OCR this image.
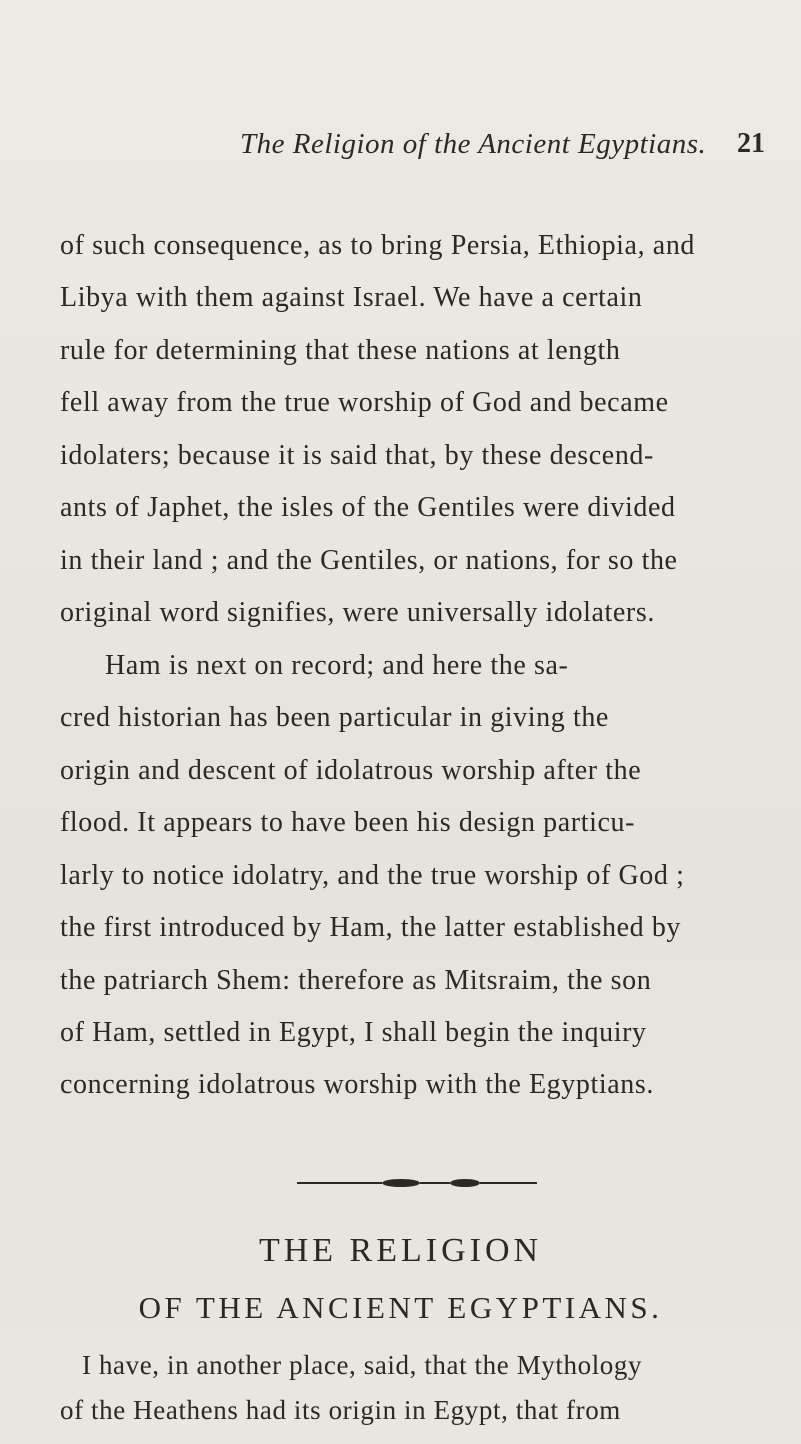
The Religion of the Ancient Egyptians. 21
of such consequence, as to bring Persia, Ethiopia, and
Libya with them against Israel. We have a certain
rule for determining that these nations at length
fell away from the true worship of God and became
idolaters; because it is said that, by these descend-
ants of Japhet, the isles of the Gentiles were divided
in their land ; and the Gentiles, or nations, for so the
original word signifies, were universally idolaters.
Ham is next on record; and here the sa-
cred historian has been particular in giving the
origin and descent of idolatrous worship after the
flood. It appears to have been his design particu-
larly to notice idolatry, and the true worship of God ;
the first introduced by Ham, the latter established by
the patriarch Shem: therefore as Mitsraim, the son
of Ham, settled in Egypt, I shall begin the inquiry
concerning idolatrous worship with the Egyptians.
THE RELIGION
OF THE ANCIENT EGYPTIANS.
I have, in another place, said, that the Mythology
of the Heathens had its origin in Egypt, that from
